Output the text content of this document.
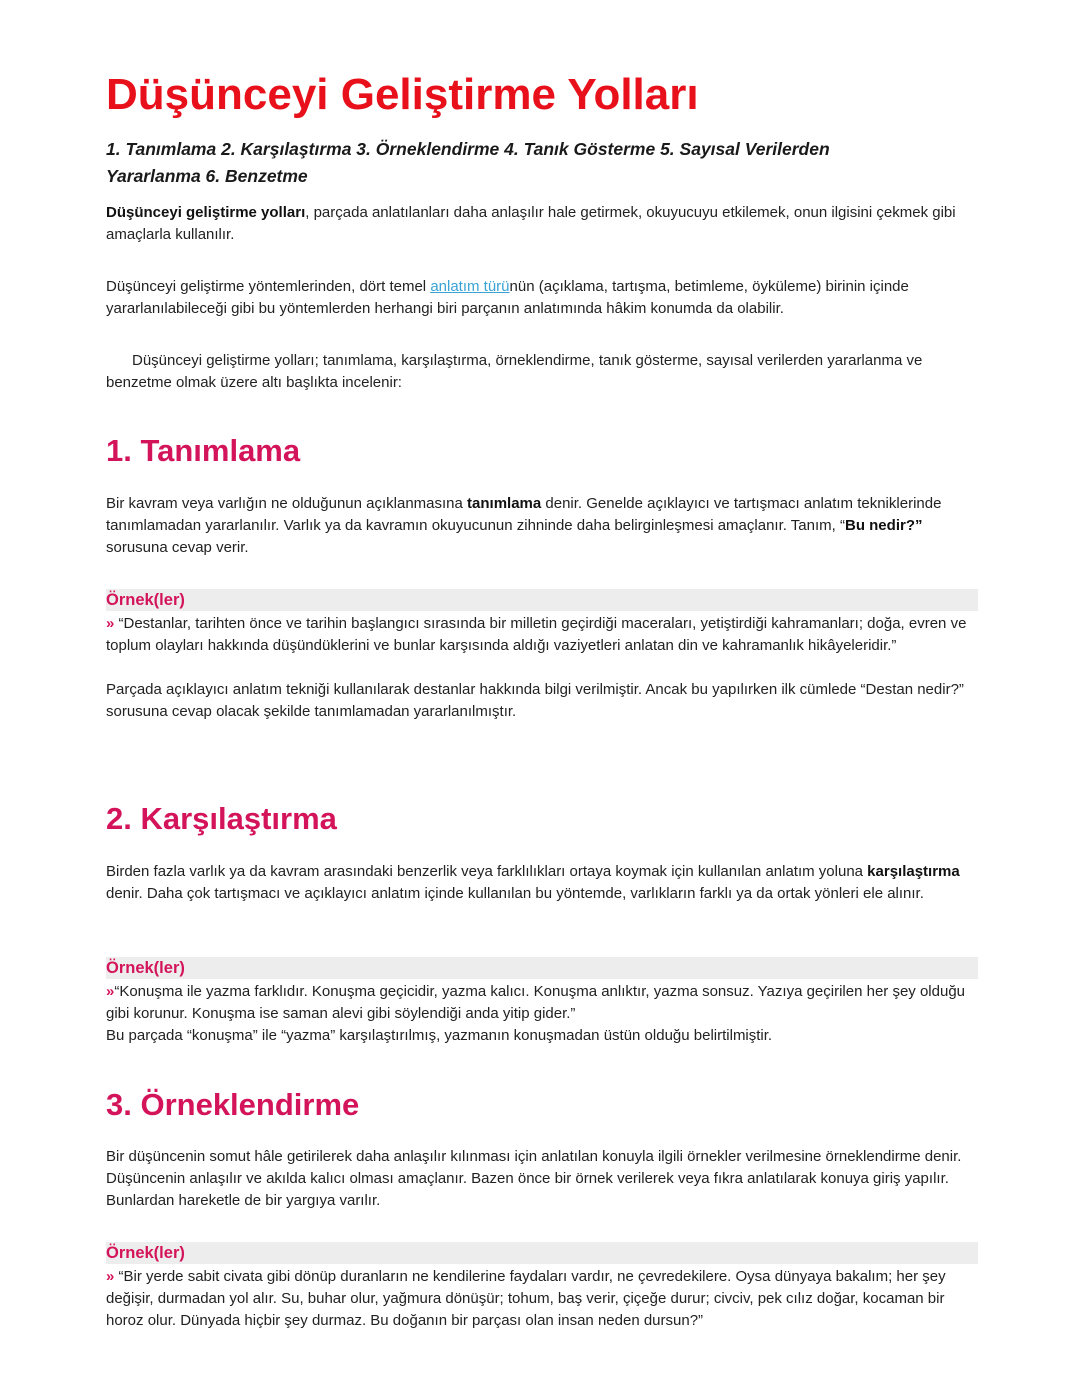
Düşünceyi Geliştirme Yolları

1. Tanımlama 2. Karşılaştırma 3. Örneklendirme 4. Tanık Gösterme 5. Sayısal Verilerden Yararlanma 6. Benzetme

Düşünceyi geliştirme yolları, parçada anlatılanları daha anlaşılır hale getirmek, okuyucuyu etkilemek, onun ilgisini çekmek gibi amaçlarla kullanılır.

Düşünceyi geliştirme yöntemlerinden, dört temel anlatım türünün (açıklama, tartışma, betimleme, öyküleme) birinin içinde yararlanılabileceği gibi bu yöntemlerden herhangi biri parçanın anlatımında hâkim konumda da olabilir.

Düşünceyi geliştirme yolları; tanımlama, karşılaştırma, örneklendirme, tanık gösterme, sayısal verilerden yararlanma ve benzetme olmak üzere altı başlıkta incelenir:

1. Tanımlama

Bir kavram veya varlığın ne olduğunun açıklanmasına tanımlama denir. Genelde açıklayıcı ve tartışmacı anlatım tekniklerinde tanımlamadan yararlanılır. Varlık ya da kavramın okuyucunun zihninde daha belirginleşmesi amaçlanır. Tanım, “Bu nedir?” sorusuna cevap verir.

Örnek(ler)

» “Destanlar, tarihten önce ve tarihin başlangıcı sırasında bir milletin geçirdiği maceraları, yetiştirdiği kahramanları; doğa, evren ve toplum olayları hakkında düşündüklerini ve bunlar karşısında aldığı vaziyetleri anlatan din ve kahramanlık hikâyeleridir.”

Parçada açıklayıcı anlatım tekniği kullanılarak destanlar hakkında bilgi verilmiştir. Ancak bu yapılırken ilk cümlede “Destan nedir?” sorusuna cevap olacak şekilde tanımlamadan yararlanılmıştır.

2. Karşılaştırma

Birden fazla varlık ya da kavram arasındaki benzerlik veya farklılıkları ortaya koymak için kullanılan anlatım yoluna karşılaştırma denir. Daha çok tartışmacı ve açıklayıcı anlatım içinde kullanılan bu yöntemde, varlıkların farklı ya da ortak yönleri ele alınır.

Örnek(ler)

»“Konuşma ile yazma farklıdır. Konuşma geçicidir, yazma kalıcı. Konuşma anlıktır, yazma sonsuz. Yazıya geçirilen her şey olduğu gibi korunur. Konuşma ise saman alevi gibi söylendiği anda yitip gider.”

Bu parçada “konuşma” ile “yazma” karşılaştırılmış, yazmanın konuşmadan üstün olduğu belirtilmiştir.

3. Örneklendirme

Bir düşüncenin somut hâle getirilerek daha anlaşılır kılınması için anlatılan konuyla ilgili örnekler verilmesine örneklendirme denir. Düşüncenin anlaşılır ve akılda kalıcı olması amaçlanır. Bazen önce bir örnek verilerek veya fıkra anlatılarak konuya giriş yapılır. Bunlardan hareketle de bir yargıya varılır.

Örnek(ler)

» “Bir yerde sabit civata gibi dönüp duranların ne kendilerine faydaları vardır, ne çevredekilere. Oysa dünyaya bakalım; her şey değişir, durmadan yol alır. Su, buhar olur, yağmura dönüşür; tohum, baş verir, çiçeğe durur; civciv, pek cılız doğar, kocaman bir horoz olur. Dünyada hiçbir şey durmaz. Bu doğanın bir parçası olan insan neden dursun?”
